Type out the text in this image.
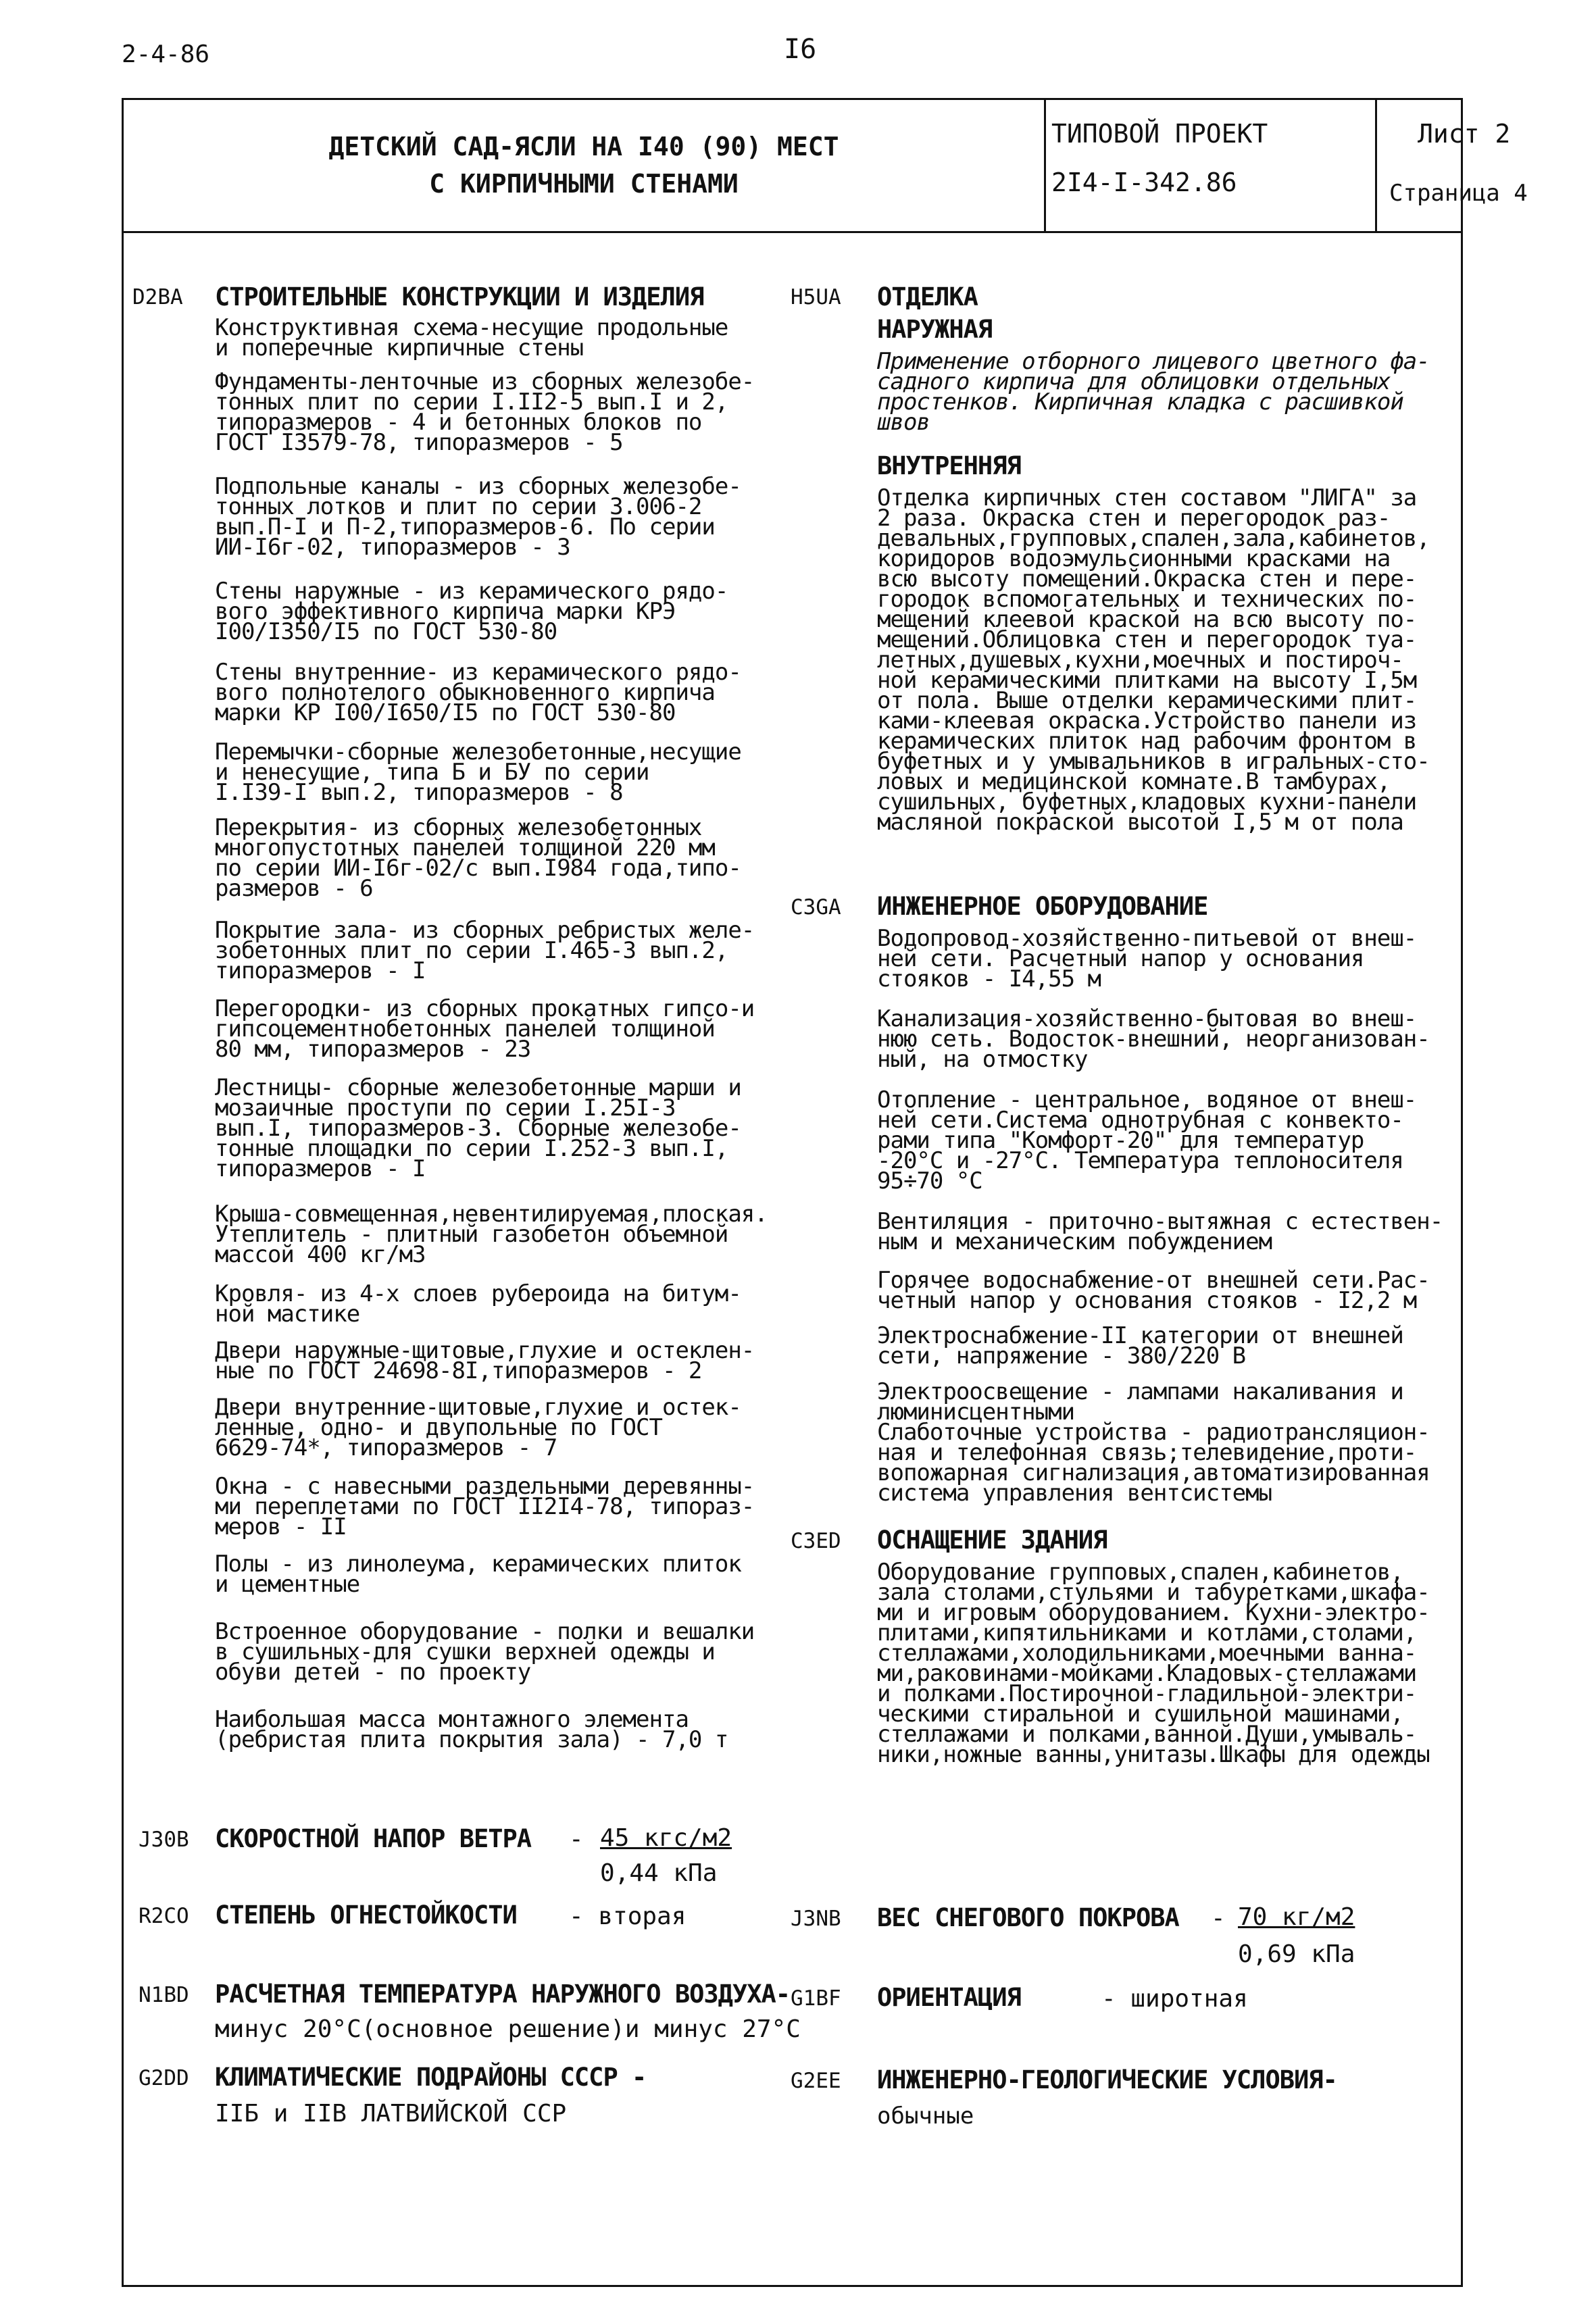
2-4-86	I6
ДЕТСКИЙ САД-ЯСЛИ НА I40 (90) МЕСТ
С КИРПИЧНЫМИ СТЕНАМИ
ТИПОВОЙ ПРОЕКТ
2I4-I-342.86
Лист 2
Страница 4
D2BA СТРОИТЕЛЬНЫЕ КОНСТРУКЦИИ И ИЗДЕЛИЯ
Конструктивная схема-несущие продольные
и поперечные кирпичные стены
Фундаменты-ленточные из сборных железобе-
тонных плит по серии I.II2-5 вып.I и 2,
типоразмеров - 4 и бетонных блоков по
ГОСТ I3579-78, типоразмеров - 5
Подпольные каналы - из сборных железобе-
тонных лотков и плит по серии 3.006-2
вып.П-I и П-2,типоразмеров-6. По серии
ИИ-I6г-02, типоразмеров - 3
Стены наружные - из керамического рядо-
вого эффективного кирпича марки КРЭ
I00/I350/I5 по ГОСТ 530-80
Стены внутренние- из керамического рядо-
вого полнотелого обыкновенного кирпича
марки КР I00/I650/I5 по ГОСТ 530-80
Перемычки-сборные железобетонные,несущие
и ненесущие, типа Б и БУ по серии
I.I39-I вып.2, типоразмеров - 8
Перекрытия- из сборных железобетонных
многопустотных панелей толщиной 220 мм
по серии ИИ-I6г-02/с вып.I984 года,типо-
размеров - 6
Покрытие зала- из сборных ребристых желе-
зобетонных плит по серии I.465-3 вып.2,
типоразмеров - I
Перегородки- из сборных прокатных гипсо-и
гипсоцементнобетонных панелей толщиной
80 мм, типоразмеров - 23
Лестницы- сборные железобетонные марши и
мозаичные проступи по серии I.25I-3
вып.I, типоразмеров-3. Сборные железобе-
тонные площадки по серии I.252-3 вып.I,
типоразмеров - I
Крыша-совмещенная,невентилируемая,плоская.
Утеплитель - плитный газобетон объемной
массой 400 кг/м3
Кровля- из 4-х слоев рубероида на битум-
ной мастике
Двери наружные-щитовые,глухие и остеклен-
ные по ГОСТ 24698-8I,типоразмеров - 2
Двери внутренние-щитовые,глухие и остек-
ленные, одно- и двупольные по ГОСТ
6629-74*, типоразмеров - 7
Окна - с навесными раздельными деревянны-
ми переплетами по ГОСТ II2I4-78, типораз-
меров - II
Полы - из линолеума, керамических плиток
и цементные
Встроенное оборудование - полки и вешалки
в сушильных-для сушки верхней одежды и
обуви детей - по проекту
Наибольшая масса монтажного элемента
(ребристая плита покрытия зала) - 7,0 т
H5UA ОТДЕЛКА
НАРУЖНАЯ
Применение отборного лицевого цветного фа-
садного кирпича для облицовки отдельных
простенков. Кирпичная кладка с расшивкой
швов
ВНУТРЕННЯЯ
Отделка кирпичных стен составом "ЛИГА" за
2 раза. Окраска стен и перегородок раз-
девальных,групповых,спален,зала,кабинетов,
коридоров водоэмульсионными красками на
всю высоту помещений.Окраска стен и пере-
городок вспомогательных и технических по-
мещений клеевой краской на всю высоту по-
мещений.Облицовка стен и перегородок туа-
летных,душевых,кухни,моечных и постироч-
ной керамическими плитками на высоту I,5м
от пола. Выше отделки керамическими плит-
ками-клеевая окраска.Устройство панели из
керамических плиток над рабочим фронтом в
буфетных и у умывальников в игральных-сто-
ловых и медицинской комнате.В тамбурах,
сушильных, буфетных,кладовых кухни-панели
масляной покраской высотой I,5 м от пола
C3GA ИНЖЕНЕРНОЕ ОБОРУДОВАНИЕ
Водопровод-хозяйственно-питьевой от внеш-
ней сети. Расчетный напор у основания
стояков - I4,55 м
Канализация-хозяйственно-бытовая во внеш-
нюю сеть. Водосток-внешний, неорганизован-
ный, на отмостку
Отопление - центральное, водяное от внеш-
ней сети.Система однотрубная с конвекто-
рами типа "Комфорт-20" для температур
-20°С и -27°С. Температура теплоносителя
95÷70 °С
Вентиляция - приточно-вытяжная с естествен-
ным и механическим побуждением
Горячее водоснабжение-от внешней сети.Рас-
четный напор у основания стояков - I2,2 м
Электроснабжение-II категории от внешней
сети, напряжение - 380/220 В
Электроосвещение - лампами накаливания и
люминисцентными
Слаботочные устройства - радиотрансляцион-
ная и телефонная связь;телевидение,проти-
вопожарная сигнализация,автоматизированная
система управления вентсистемы
C3ED ОСНАЩЕНИЕ ЗДАНИЯ
Оборудование групповых,спален,кабинетов,
зала столами,стульями и табуретками,шкафа-
ми и игровым оборудованием. Кухни-электро-
плитами,кипятильниками и котлами,столами,
стеллажами,холодильниками,моечными ванна-
ми,раковинами-мойками.Кладовых-стеллажами
и полками.Постирочной-гладильной-электри-
ческими стиральной и сушильной машинами,
стеллажами и полками,ванной.Души,умываль-
ники,ножные ванны,унитазы.Шкафы для одежды
J30B СКОРОСТНОЙ НАПОР ВЕТРА - 45 кгс/м2
0,44 кПа
R2CO СТЕПЕНЬ ОГНЕСТОЙКОСТИ - вторая	J3NB ВЕС СНЕГОВОГО ПОКРОВА - 70 кг/м2
0,69 кПа
N1BD РАСЧЕТНАЯ ТЕМПЕРАТУРА НАРУЖНОГО ВОЗДУХА-
минус 20°С(основное решение)и минус 27°С
G1BF ОРИЕНТАЦИЯ	- широтная
G2DD КЛИМАТИЧЕСКИЕ ПОДРАЙОНЫ СССР -
IIБ и IIВ ЛАТВИЙСКОЙ ССР
G2EE ИНЖЕНЕРНО-ГЕОЛОГИЧЕСКИЕ УСЛОВИЯ-
обычные
